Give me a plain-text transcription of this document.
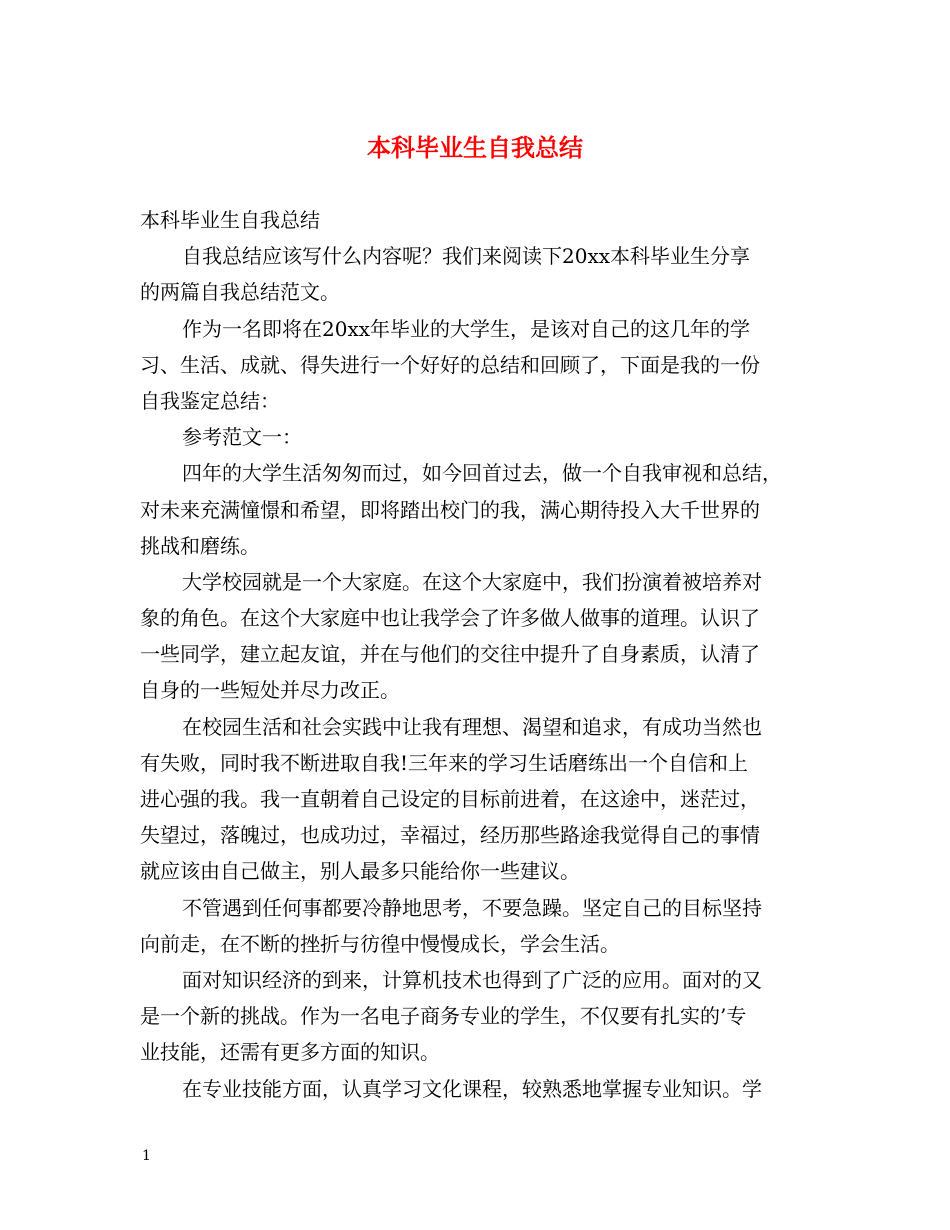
本科毕业生自我总结
本科毕业生自我总结
自我总结应该写什么内容呢？我们来阅读下20xx本科毕业生分享
的两篇自我总结范文。
作为一名即将在20xx年毕业的大学生，是该对自己的这几年的学
习、生活、成就、得失进行一个好好的总结和回顾了，下面是我的一份
自我鉴定总结：
参考范文一：
四年的大学生活匆匆而过，如今回首过去，做一个自我审视和总结，
对未来充满憧憬和希望，即将踏出校门的我，满心期待投入大千世界的
挑战和磨练。
大学校园就是一个大家庭。在这个大家庭中，我们扮演着被培养对
象的角色。在这个大家庭中也让我学会了许多做人做事的道理。认识了
一些同学，建立起友谊，并在与他们的交往中提升了自身素质，认清了
自身的一些短处并尽力改正。
在校园生活和社会实践中让我有理想、渴望和追求，有成功当然也
有失败，同时我不断进取自我!三年来的学习生话磨练出一个自信和上
进心强的我。我一直朝着自己设定的目标前进着，在这途中，迷茫过，
失望过，落魄过，也成功过，幸福过，经历那些路途我觉得自己的事情
就应该由自己做主，别人最多只能给你一些建议。
不管遇到任何事都要冷静地思考，不要急躁。坚定自己的目标坚持
向前走，在不断的挫折与彷徨中慢慢成长，学会生活。
面对知识经济的到来，计算机技术也得到了广泛的应用。面对的又
是一个新的挑战。作为一名电子商务专业的学生，不仅要有扎实的’专
业技能，还需有更多方面的知识。
在专业技能方面，认真学习文化课程，较熟悉地掌握专业知识。学
1
